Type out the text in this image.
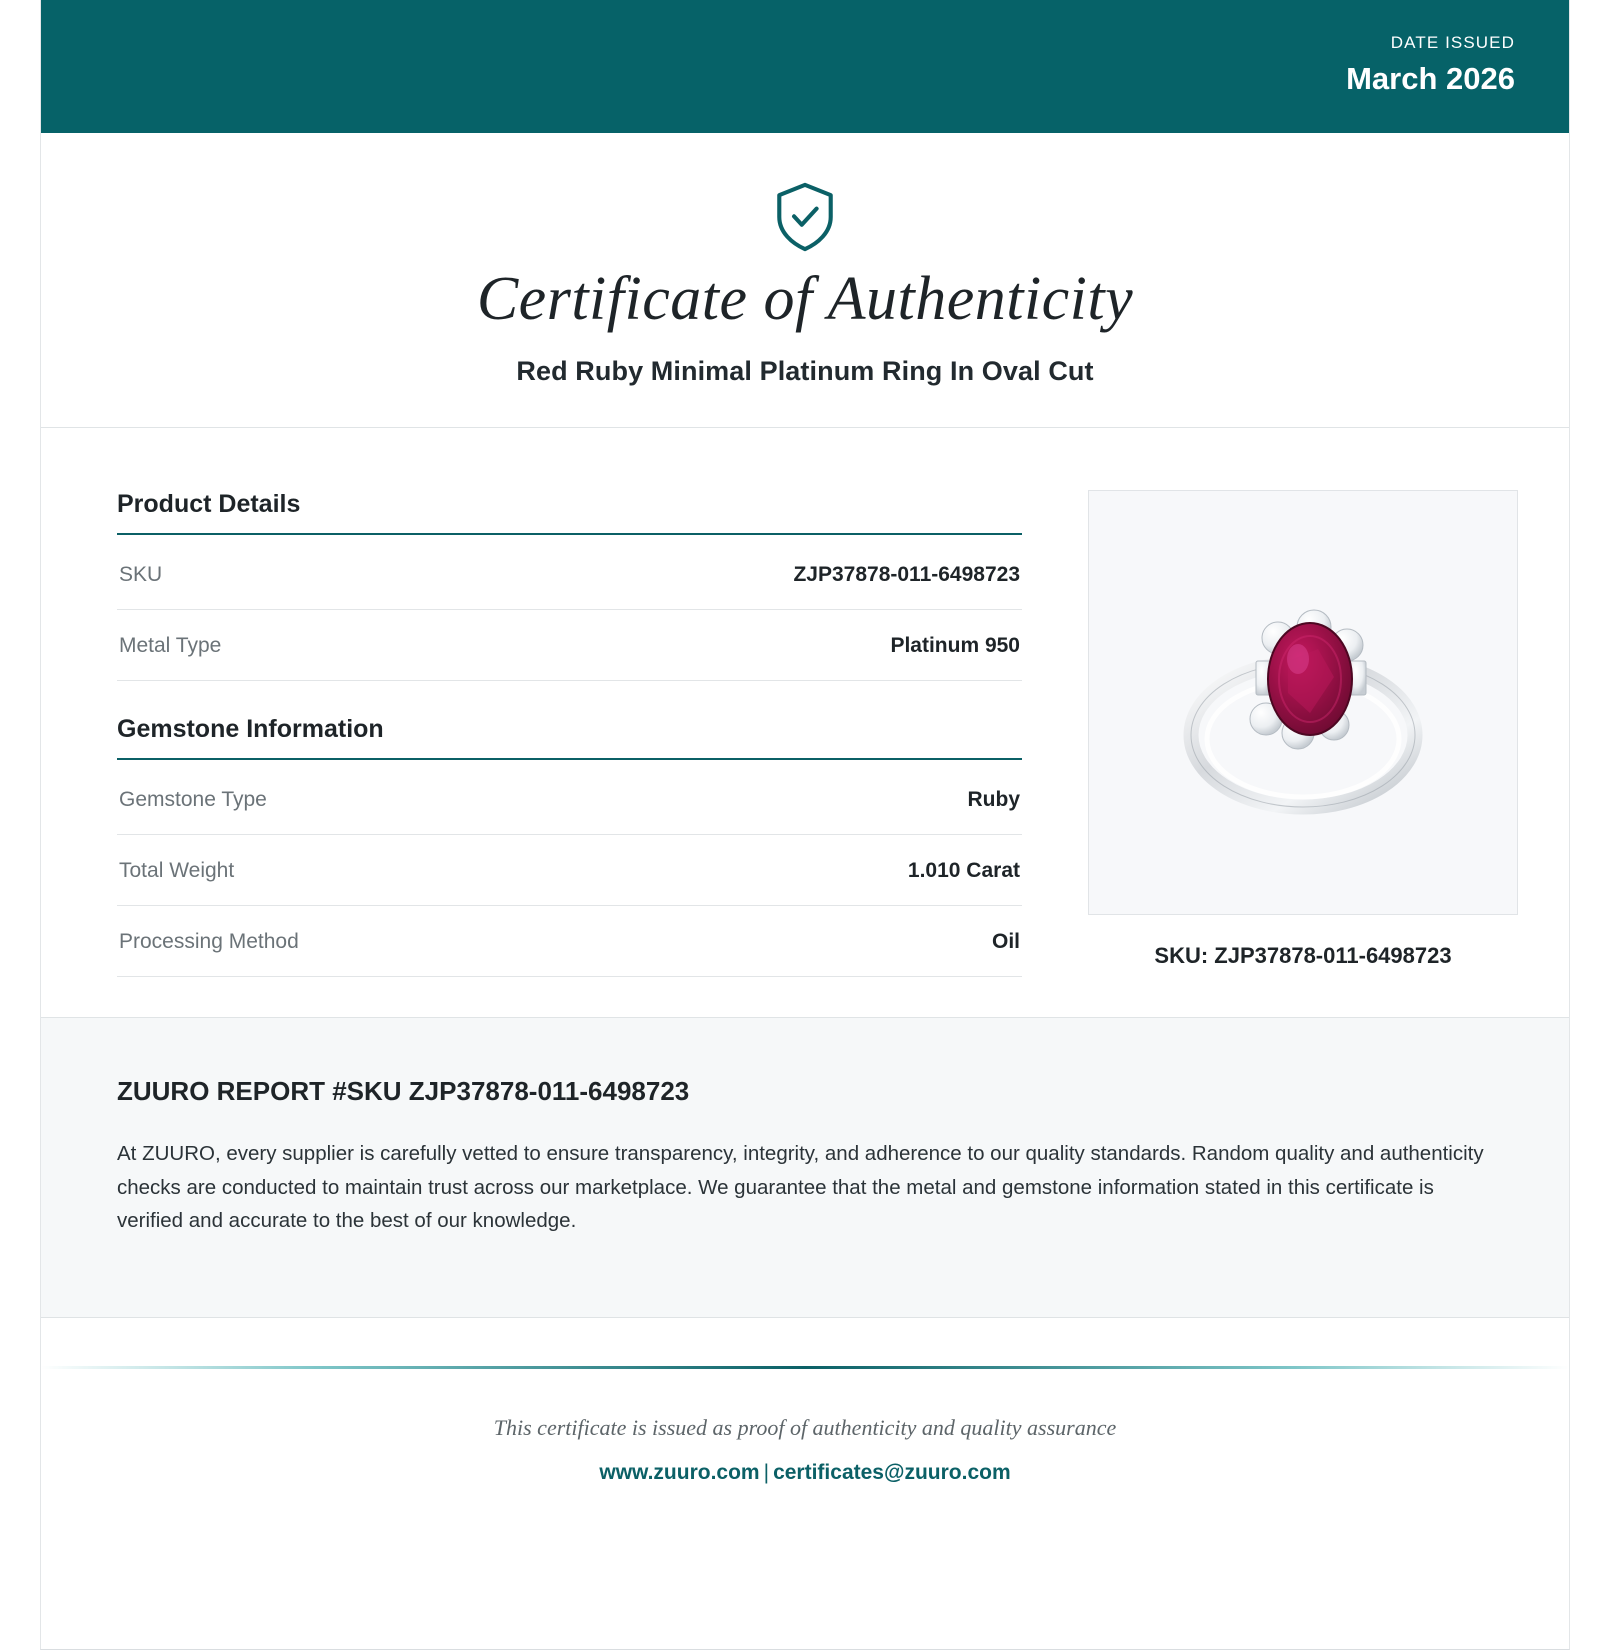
DATE ISSUED
March 2026
Certificate of Authenticity
Red Ruby Minimal Platinum Ring In Oval Cut
Product Details
SKU	ZJP37878-011-6498723
Metal Type	Platinum 950
Gemstone Information
Gemstone Type	Ruby
Total Weight	1.010 Carat
Processing Method	Oil
SKU: ZJP37878-011-6498723
ZUURO REPORT #SKU ZJP37878-011-6498723

At ZUURO, every supplier is carefully vetted to ensure transparency, integrity, and adherence to our quality standards. Random quality and authenticity checks are conducted to maintain trust across our marketplace. We guarantee that the metal and gemstone information stated in this certificate is verified and accurate to the best of our knowledge.

This certificate is issued as proof of authenticity and quality assurance
www.zuuro.com | certificates@zuuro.com
